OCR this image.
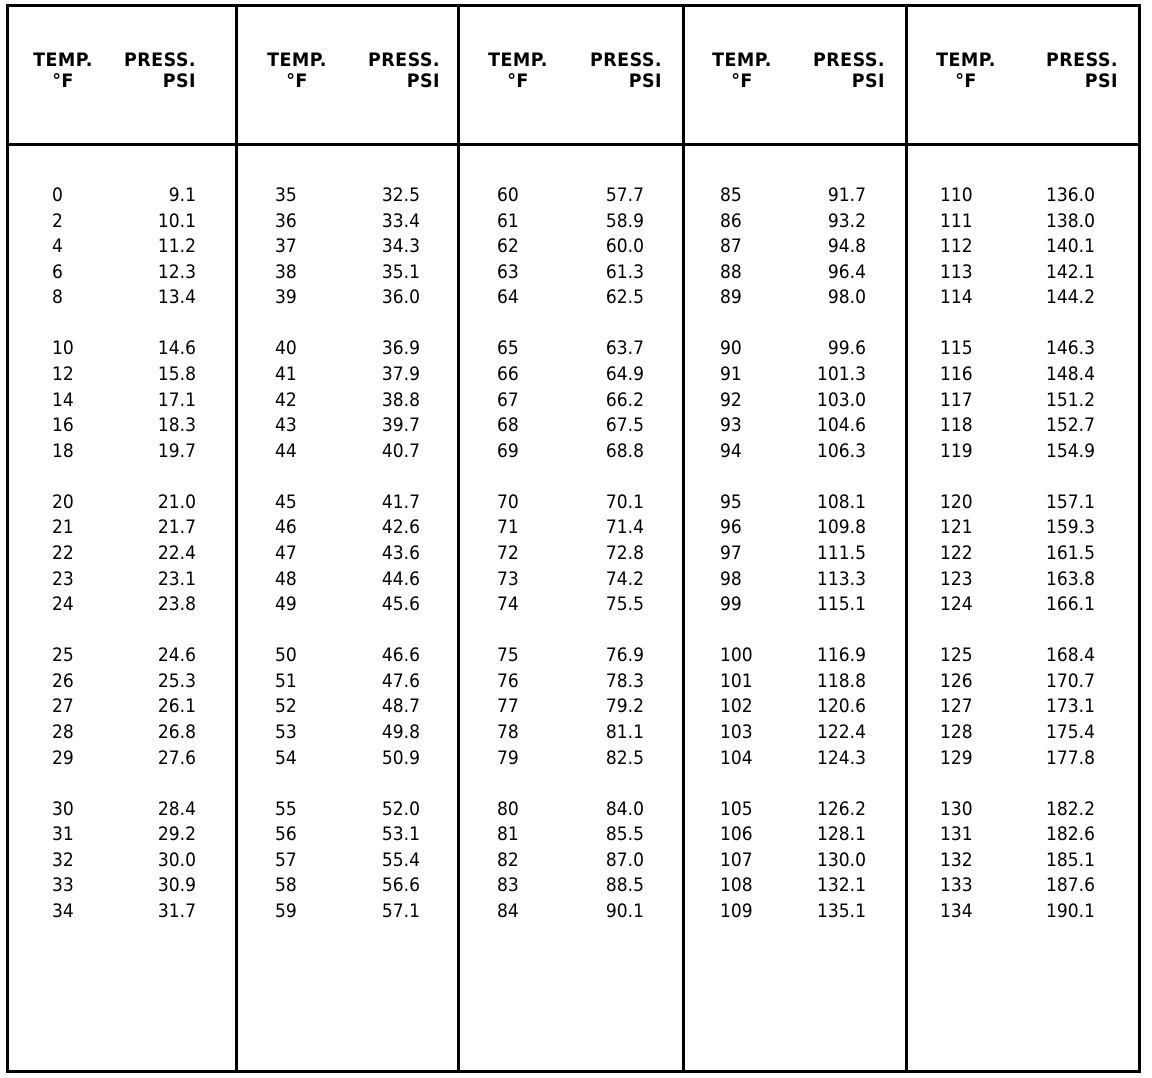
TEMP.
°F
PRESS.
PSI
0	9.1
2	10.1
4	11.2
6	12.3
8	13.4
10	14.6
12	15.8
14	17.1
16	18.3
18	19.7
20	21.0
21	21.7
22	22.4
23	23.1
24	23.8
25	24.6
26	25.3
27	26.1
28	26.8
29	27.6
30	28.4
31	29.2
32	30.0
33	30.9
34	31.7
TEMP.
°F
PRESS.
PSI
35	32.5
36	33.4
37	34.3
38	35.1
39	36.0
40	36.9
41	37.9
42	38.8
43	39.7
44	40.7
45	41.7
46	42.6
47	43.6
48	44.6
49	45.6
50	46.6
51	47.6
52	48.7
53	49.8
54	50.9
55	52.0
56	53.1
57	55.4
58	56.6
59	57.1
TEMP.
°F
PRESS.
PSI
60	57.7
61	58.9
62	60.0
63	61.3
64	62.5
65	63.7
66	64.9
67	66.2
68	67.5
69	68.8
70	70.1
71	71.4
72	72.8
73	74.2
74	75.5
75	76.9
76	78.3
77	79.2
78	81.1
79	82.5
80	84.0
81	85.5
82	87.0
83	88.5
84	90.1
TEMP.
°F
PRESS.
PSI
85	91.7
86	93.2
87	94.8
88	96.4
89	98.0
90	99.6
91	101.3
92	103.0
93	104.6
94	106.3
95	108.1
96	109.8
97	111.5
98	113.3
99	115.1
100	116.9
101	118.8
102	120.6
103	122.4
104	124.3
105	126.2
106	128.1
107	130.0
108	132.1
109	135.1
TEMP.
°F
PRESS.
PSI
110	136.0
111	138.0
112	140.1
113	142.1
114	144.2
115	146.3
116	148.4
117	151.2
118	152.7
119	154.9
120	157.1
121	159.3
122	161.5
123	163.8
124	166.1
125	168.4
126	170.7
127	173.1
128	175.4
129	177.8
130	182.2
131	182.6
132	185.1
133	187.6
134	190.1
